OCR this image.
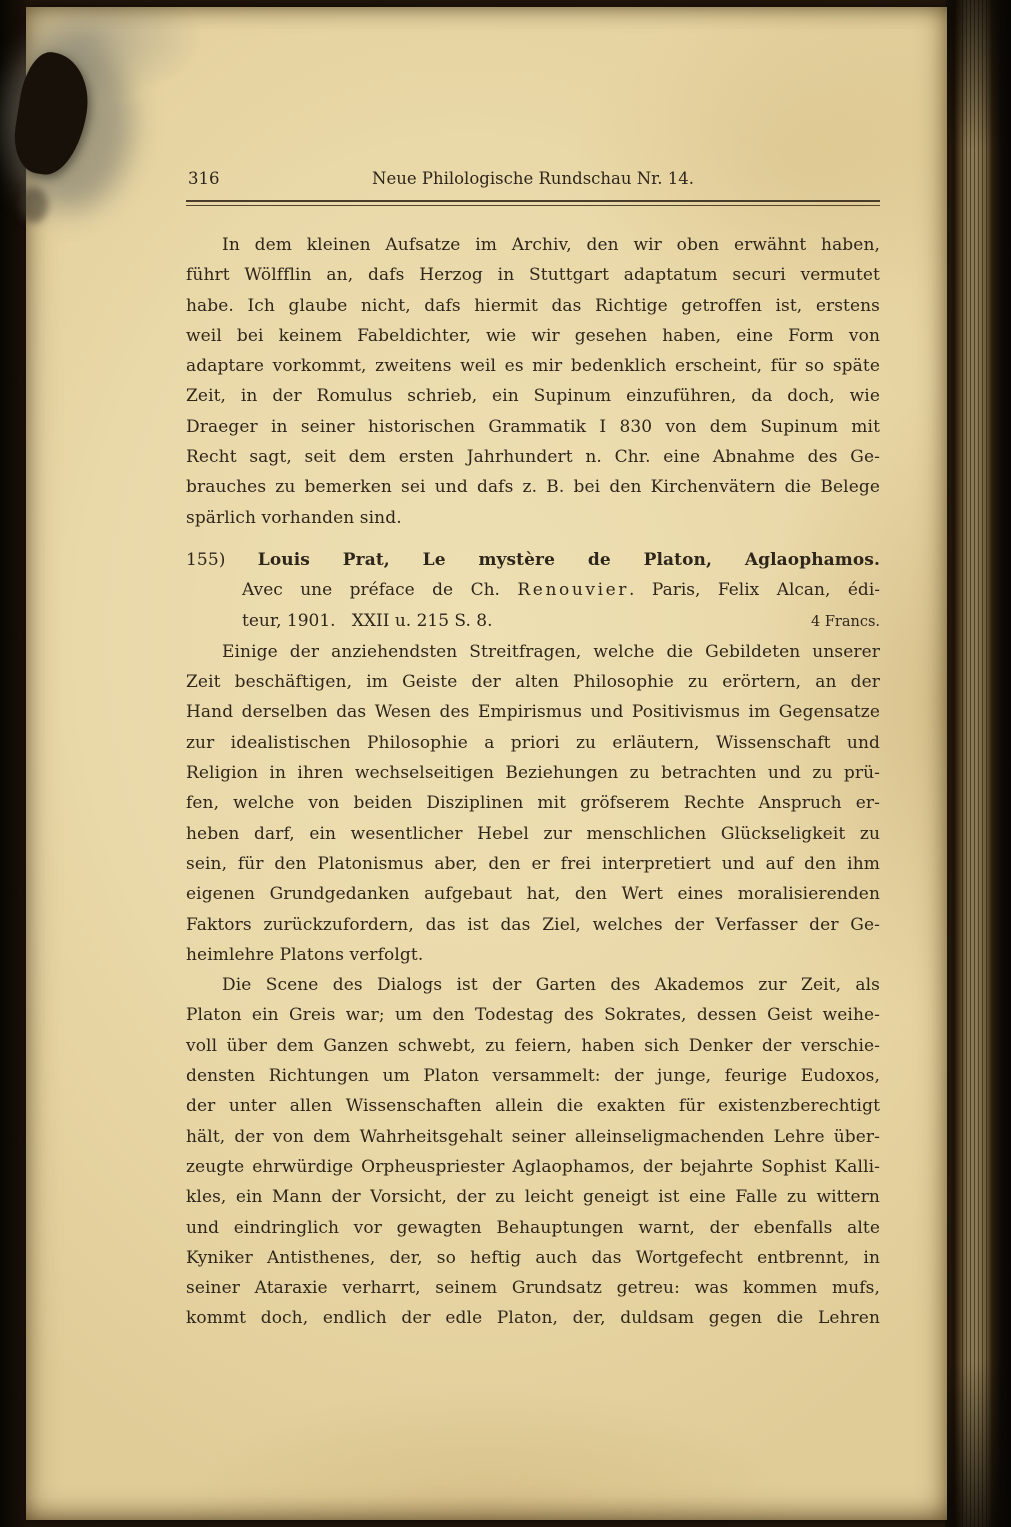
316	Neue Philologische Rundschau Nr. 14.
In dem kleinen Aufsatze im Archiv, den wir oben erwähnt haben,
führt Wölfflin an, dafs Herzog in Stuttgart adaptatum securi vermutet
habe. Ich glaube nicht, dafs hiermit das Richtige getroffen ist, erstens
weil bei keinem Fabeldichter, wie wir gesehen haben, eine Form von
adaptare vorkommt, zweitens weil es mir bedenklich erscheint, für so späte
Zeit, in der Romulus schrieb, ein Supinum einzuführen, da doch, wie
Draeger in seiner historischen Grammatik I 830 von dem Supinum mit
Recht sagt, seit dem ersten Jahrhundert n. Chr. eine Abnahme des Ge-
brauches zu bemerken sei und dafs z. B. bei den Kirchenvätern die Belege
spärlich vorhanden sind.
155) Louis Prat, Le mystère de Platon, Aglaophamos.
Avec une préface de Ch. Renouvier. Paris, Felix Alcan, édi-
teur, 1901.   XXII u. 215 S. 8.	4 Francs.
Einige der anziehendsten Streitfragen, welche die Gebildeten unserer
Zeit beschäftigen, im Geiste der alten Philosophie zu erörtern, an der
Hand derselben das Wesen des Empirismus und Positivismus im Gegensatze
zur idealistischen Philosophie a priori zu erläutern, Wissenschaft und
Religion in ihren wechselseitigen Beziehungen zu betrachten und zu prü-
fen, welche von beiden Disziplinen mit gröfserem Rechte Anspruch er-
heben darf, ein wesentlicher Hebel zur menschlichen Glückseligkeit zu
sein, für den Platonismus aber, den er frei interpretiert und auf den ihm
eigenen Grundgedanken aufgebaut hat, den Wert eines moralisierenden
Faktors zurückzufordern, das ist das Ziel, welches der Verfasser der Ge-
heimlehre Platons verfolgt.
Die Scene des Dialogs ist der Garten des Akademos zur Zeit, als
Platon ein Greis war; um den Todestag des Sokrates, dessen Geist weihe-
voll über dem Ganzen schwebt, zu feiern, haben sich Denker der verschie-
densten Richtungen um Platon versammelt: der junge, feurige Eudoxos,
der unter allen Wissenschaften allein die exakten für existenzberechtigt
hält, der von dem Wahrheitsgehalt seiner alleinseligmachenden Lehre über-
zeugte ehrwürdige Orpheuspriester Aglaophamos, der bejahrte Sophist Kalli-
kles, ein Mann der Vorsicht, der zu leicht geneigt ist eine Falle zu wittern
und eindringlich vor gewagten Behauptungen warnt, der ebenfalls alte
Kyniker Antisthenes, der, so heftig auch das Wortgefecht entbrennt, in
seiner Ataraxie verharrt, seinem Grundsatz getreu: was kommen mufs,
kommt doch, endlich der edle Platon, der, duldsam gegen die Lehren
